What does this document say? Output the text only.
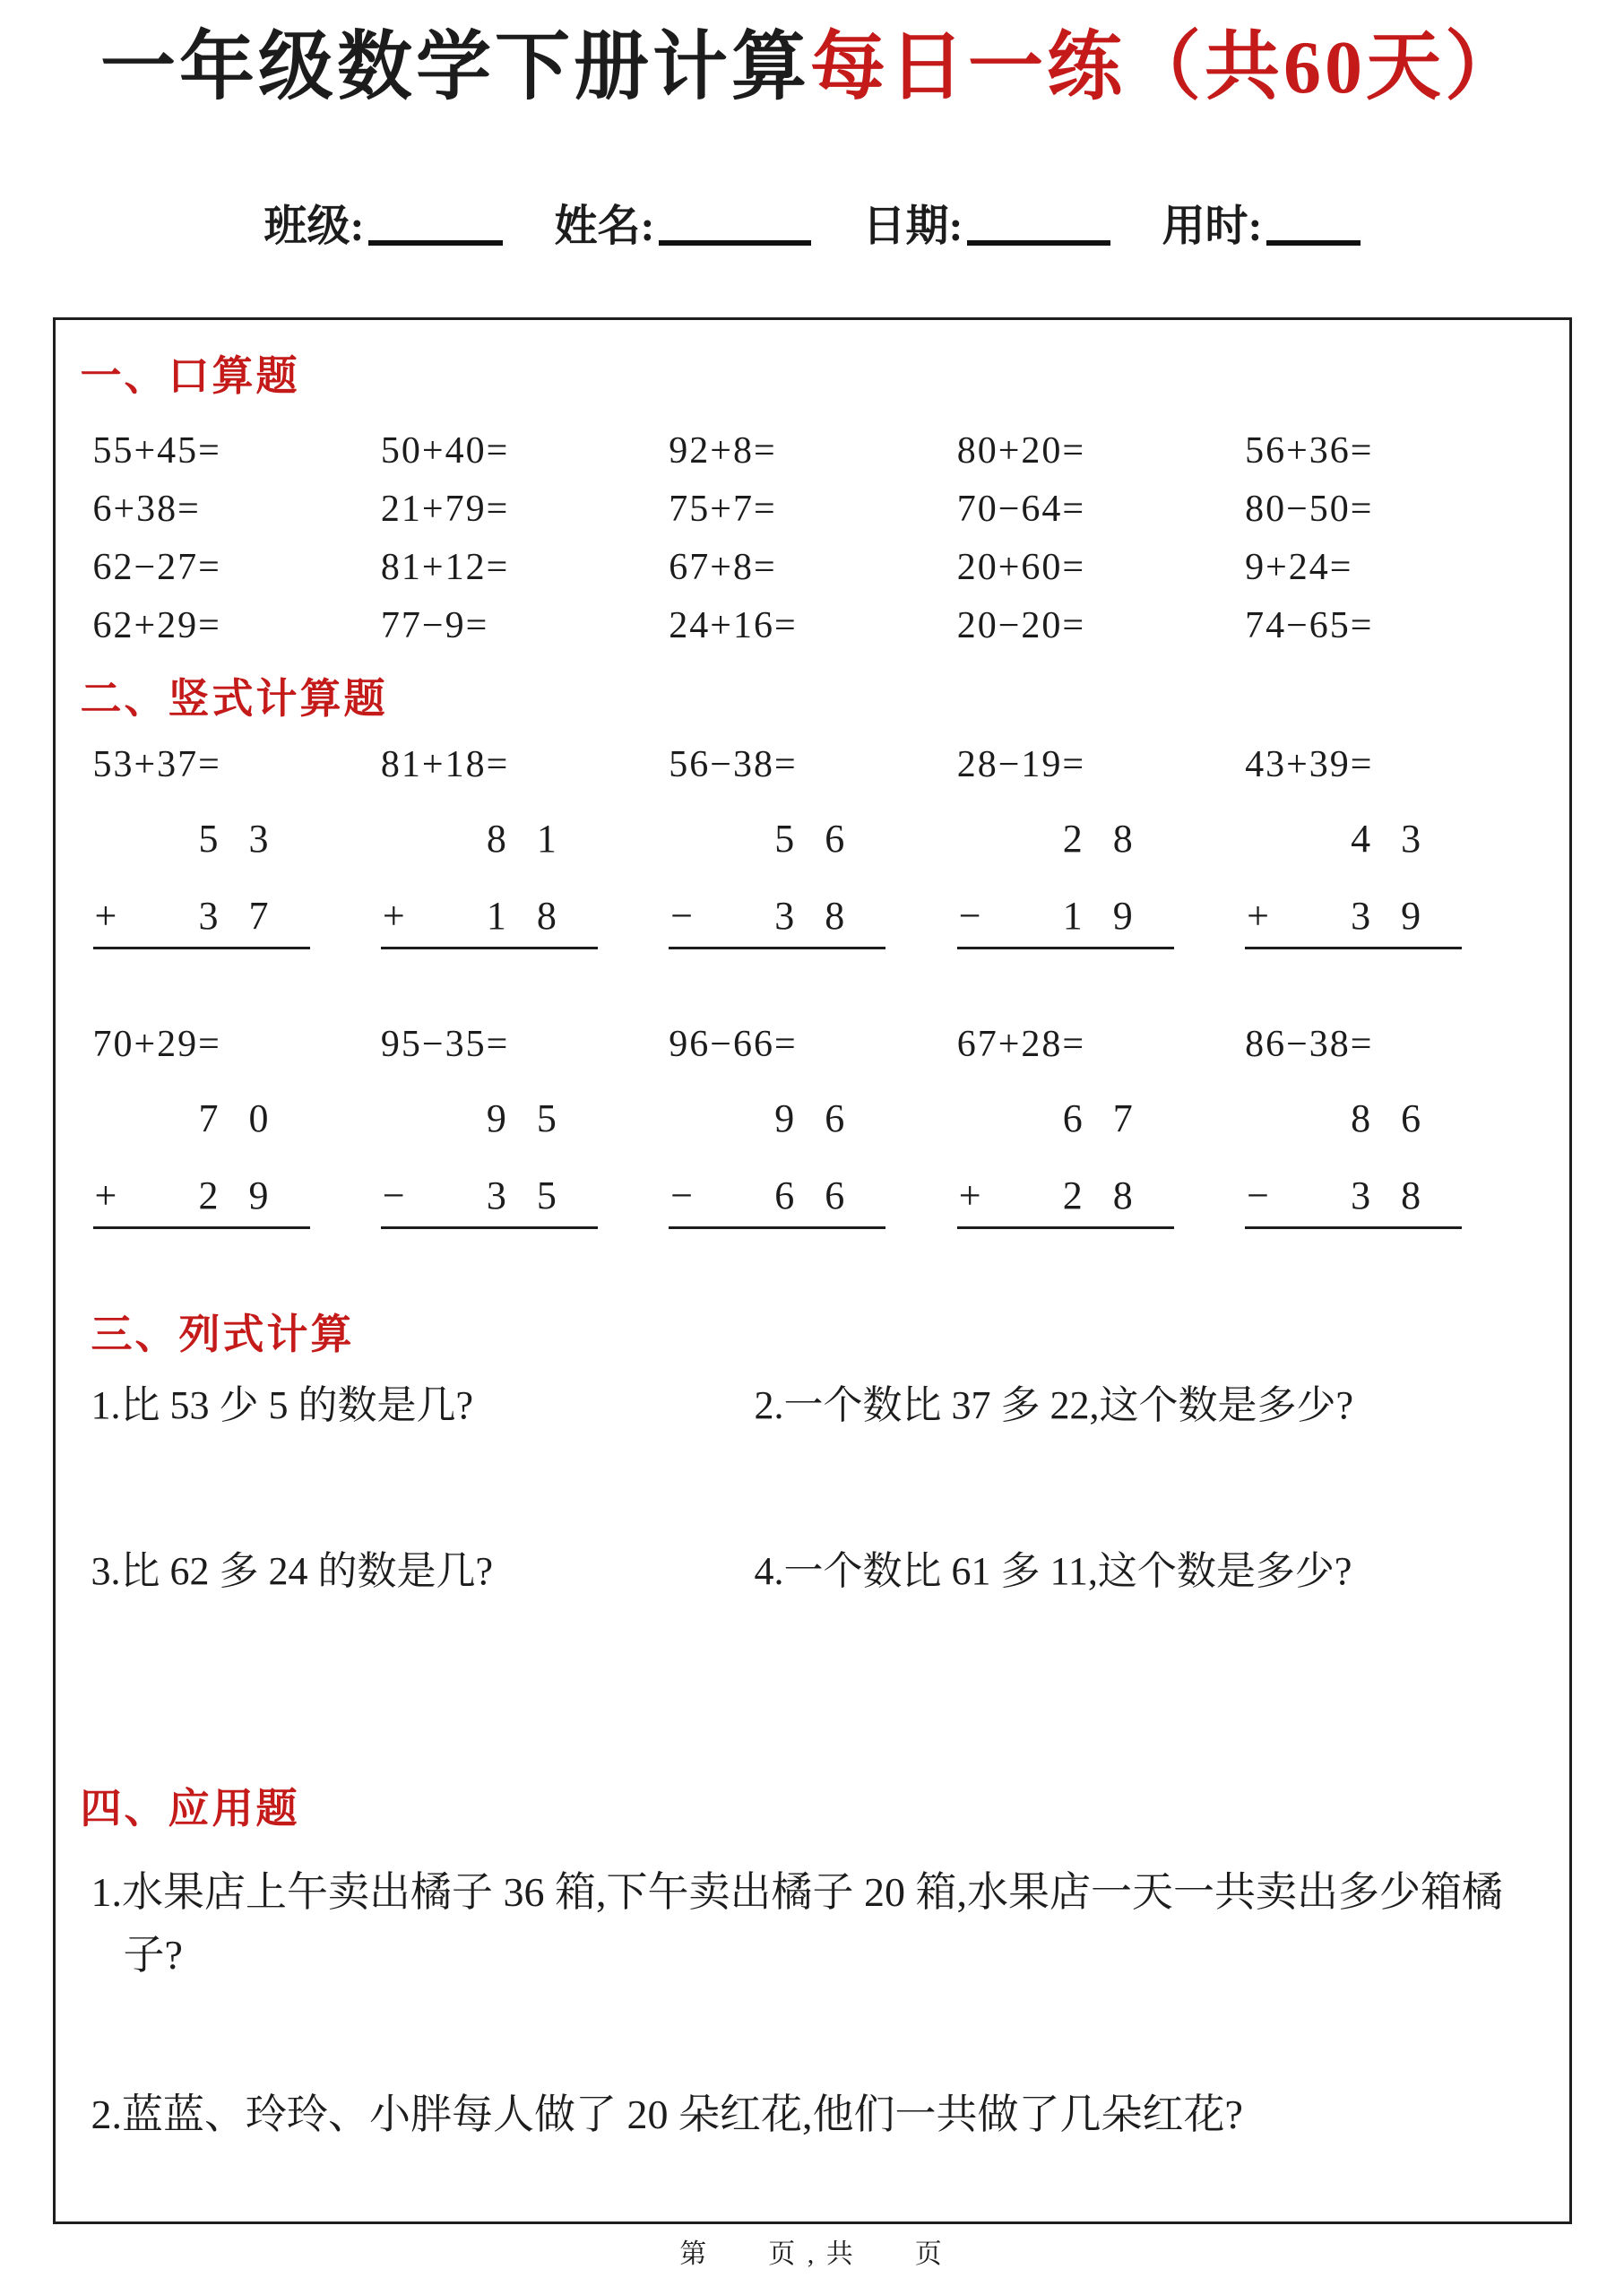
一年级数学下册计算每日一练（共60天）
班级:	姓名:	日期:	用时:
一、口算题
55+45=	50+40=	92+8=	80+20=	56+36=
6+38=	21+79=	75+7=	70−64=	80−50=
62−27=	81+12=	67+8=	20+60=	9+24=
62+29=	77−9=	24+16=	20−20=	74−65=
二、竖式计算题
53+37=	81+18=	56−38=	28−19=	43+39=
53
+ 37
81
+ 18
56
− 38
28
− 19
43
+ 39
70+29=	95−35=	96−66=	67+28=	86−38=
70
+ 29
95
− 35
96
− 66
67
+ 28
86
− 38
三、列式计算
1.比 53 少 5 的数是几?	2.一个数比 37 多 22,这个数是多少?
3.比 62 多 24 的数是几?	4.一个数比 61 多 11,这个数是多少?
四、应用题

1.水果店上午卖出橘子 36 箱,下午卖出橘子 20 箱,水果店一天一共卖出多少箱橘子?

2.蓝蓝、玲玲、小胖每人做了 20 朵红花,他们一共做了几朵红花?

第　　页 , 共　　页
